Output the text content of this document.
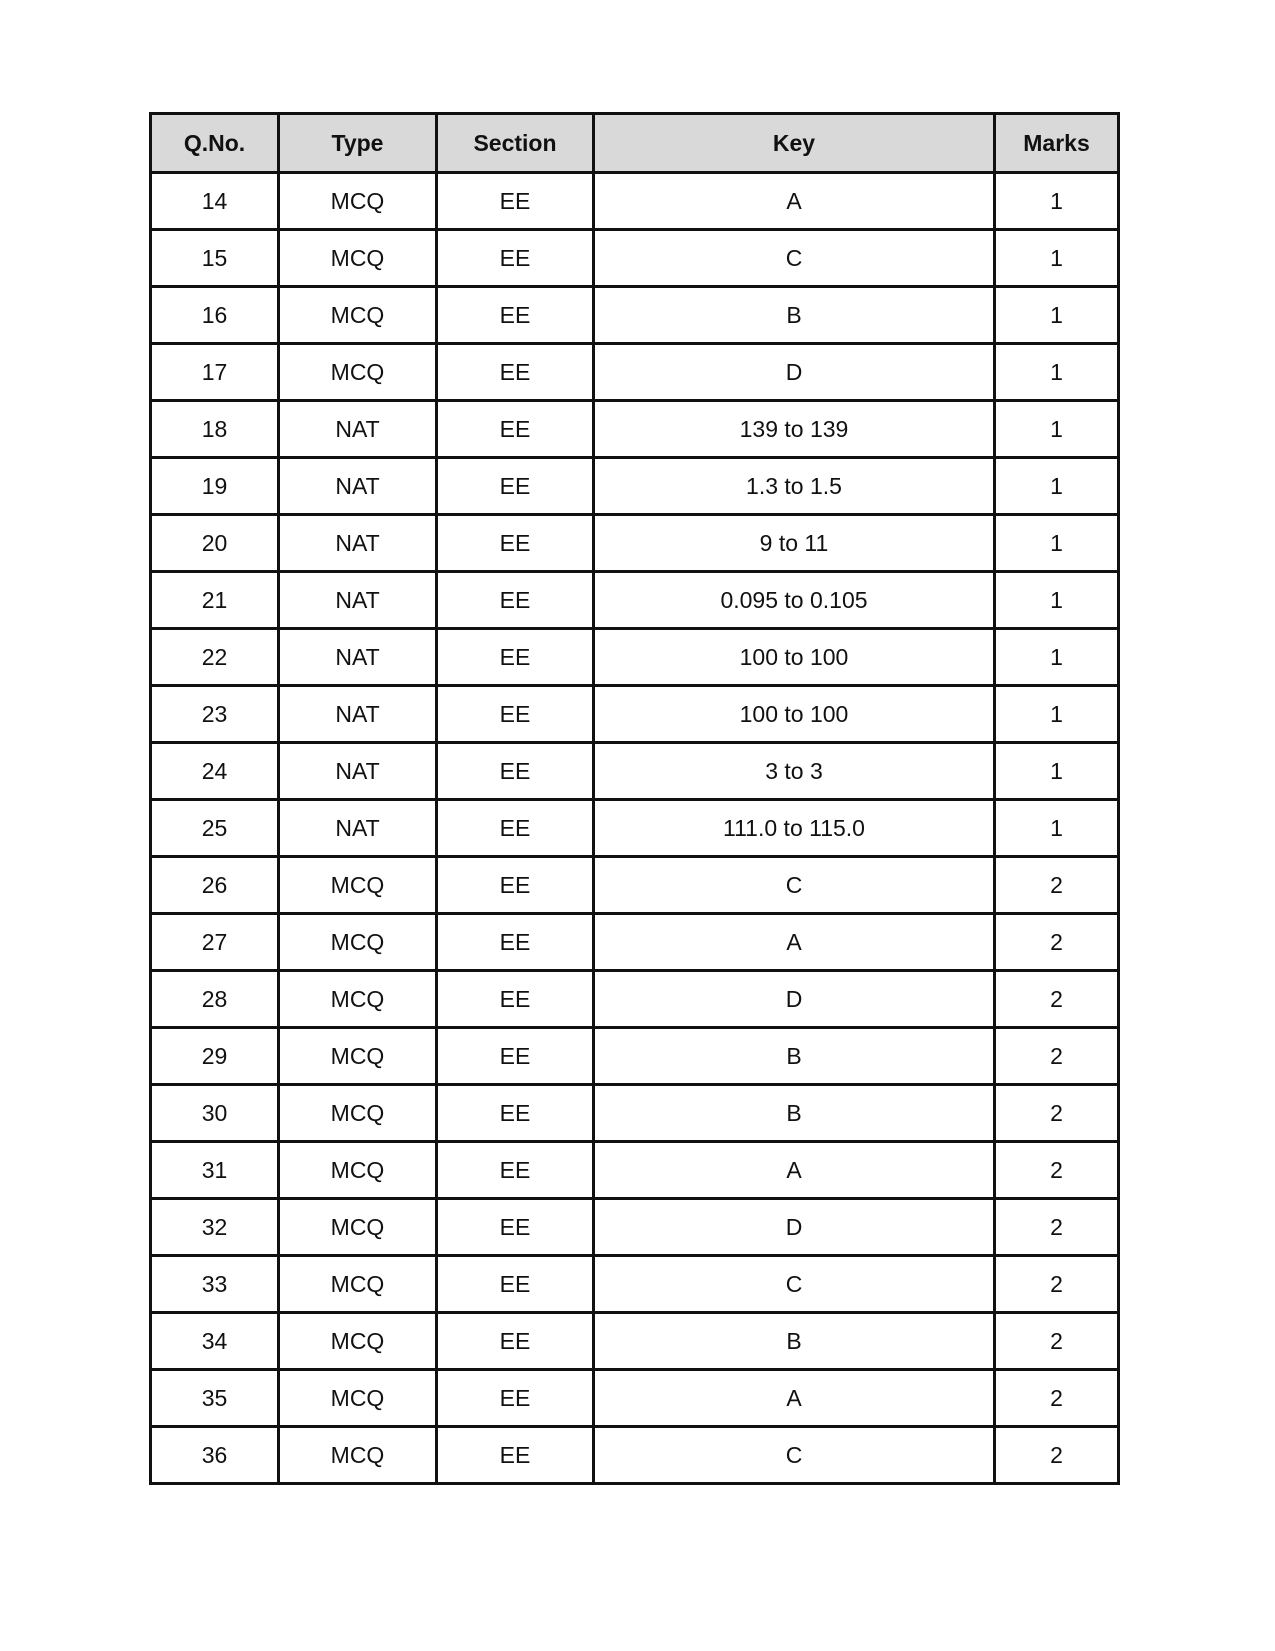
Q.No.	Type	Section	Key	Marks
14	MCQ	EE	A	1
15	MCQ	EE	C	1
16	MCQ	EE	B	1
17	MCQ	EE	D	1
18	NAT	EE	139 to 139	1
19	NAT	EE	1.3 to 1.5	1
20	NAT	EE	9 to 11	1
21	NAT	EE	0.095 to 0.105	1
22	NAT	EE	100 to 100	1
23	NAT	EE	100 to 100	1
24	NAT	EE	3 to 3	1
25	NAT	EE	111.0 to 115.0	1
26	MCQ	EE	C	2
27	MCQ	EE	A	2
28	MCQ	EE	D	2
29	MCQ	EE	B	2
30	MCQ	EE	B	2
31	MCQ	EE	A	2
32	MCQ	EE	D	2
33	MCQ	EE	C	2
34	MCQ	EE	B	2
35	MCQ	EE	A	2
36	MCQ	EE	C	2
